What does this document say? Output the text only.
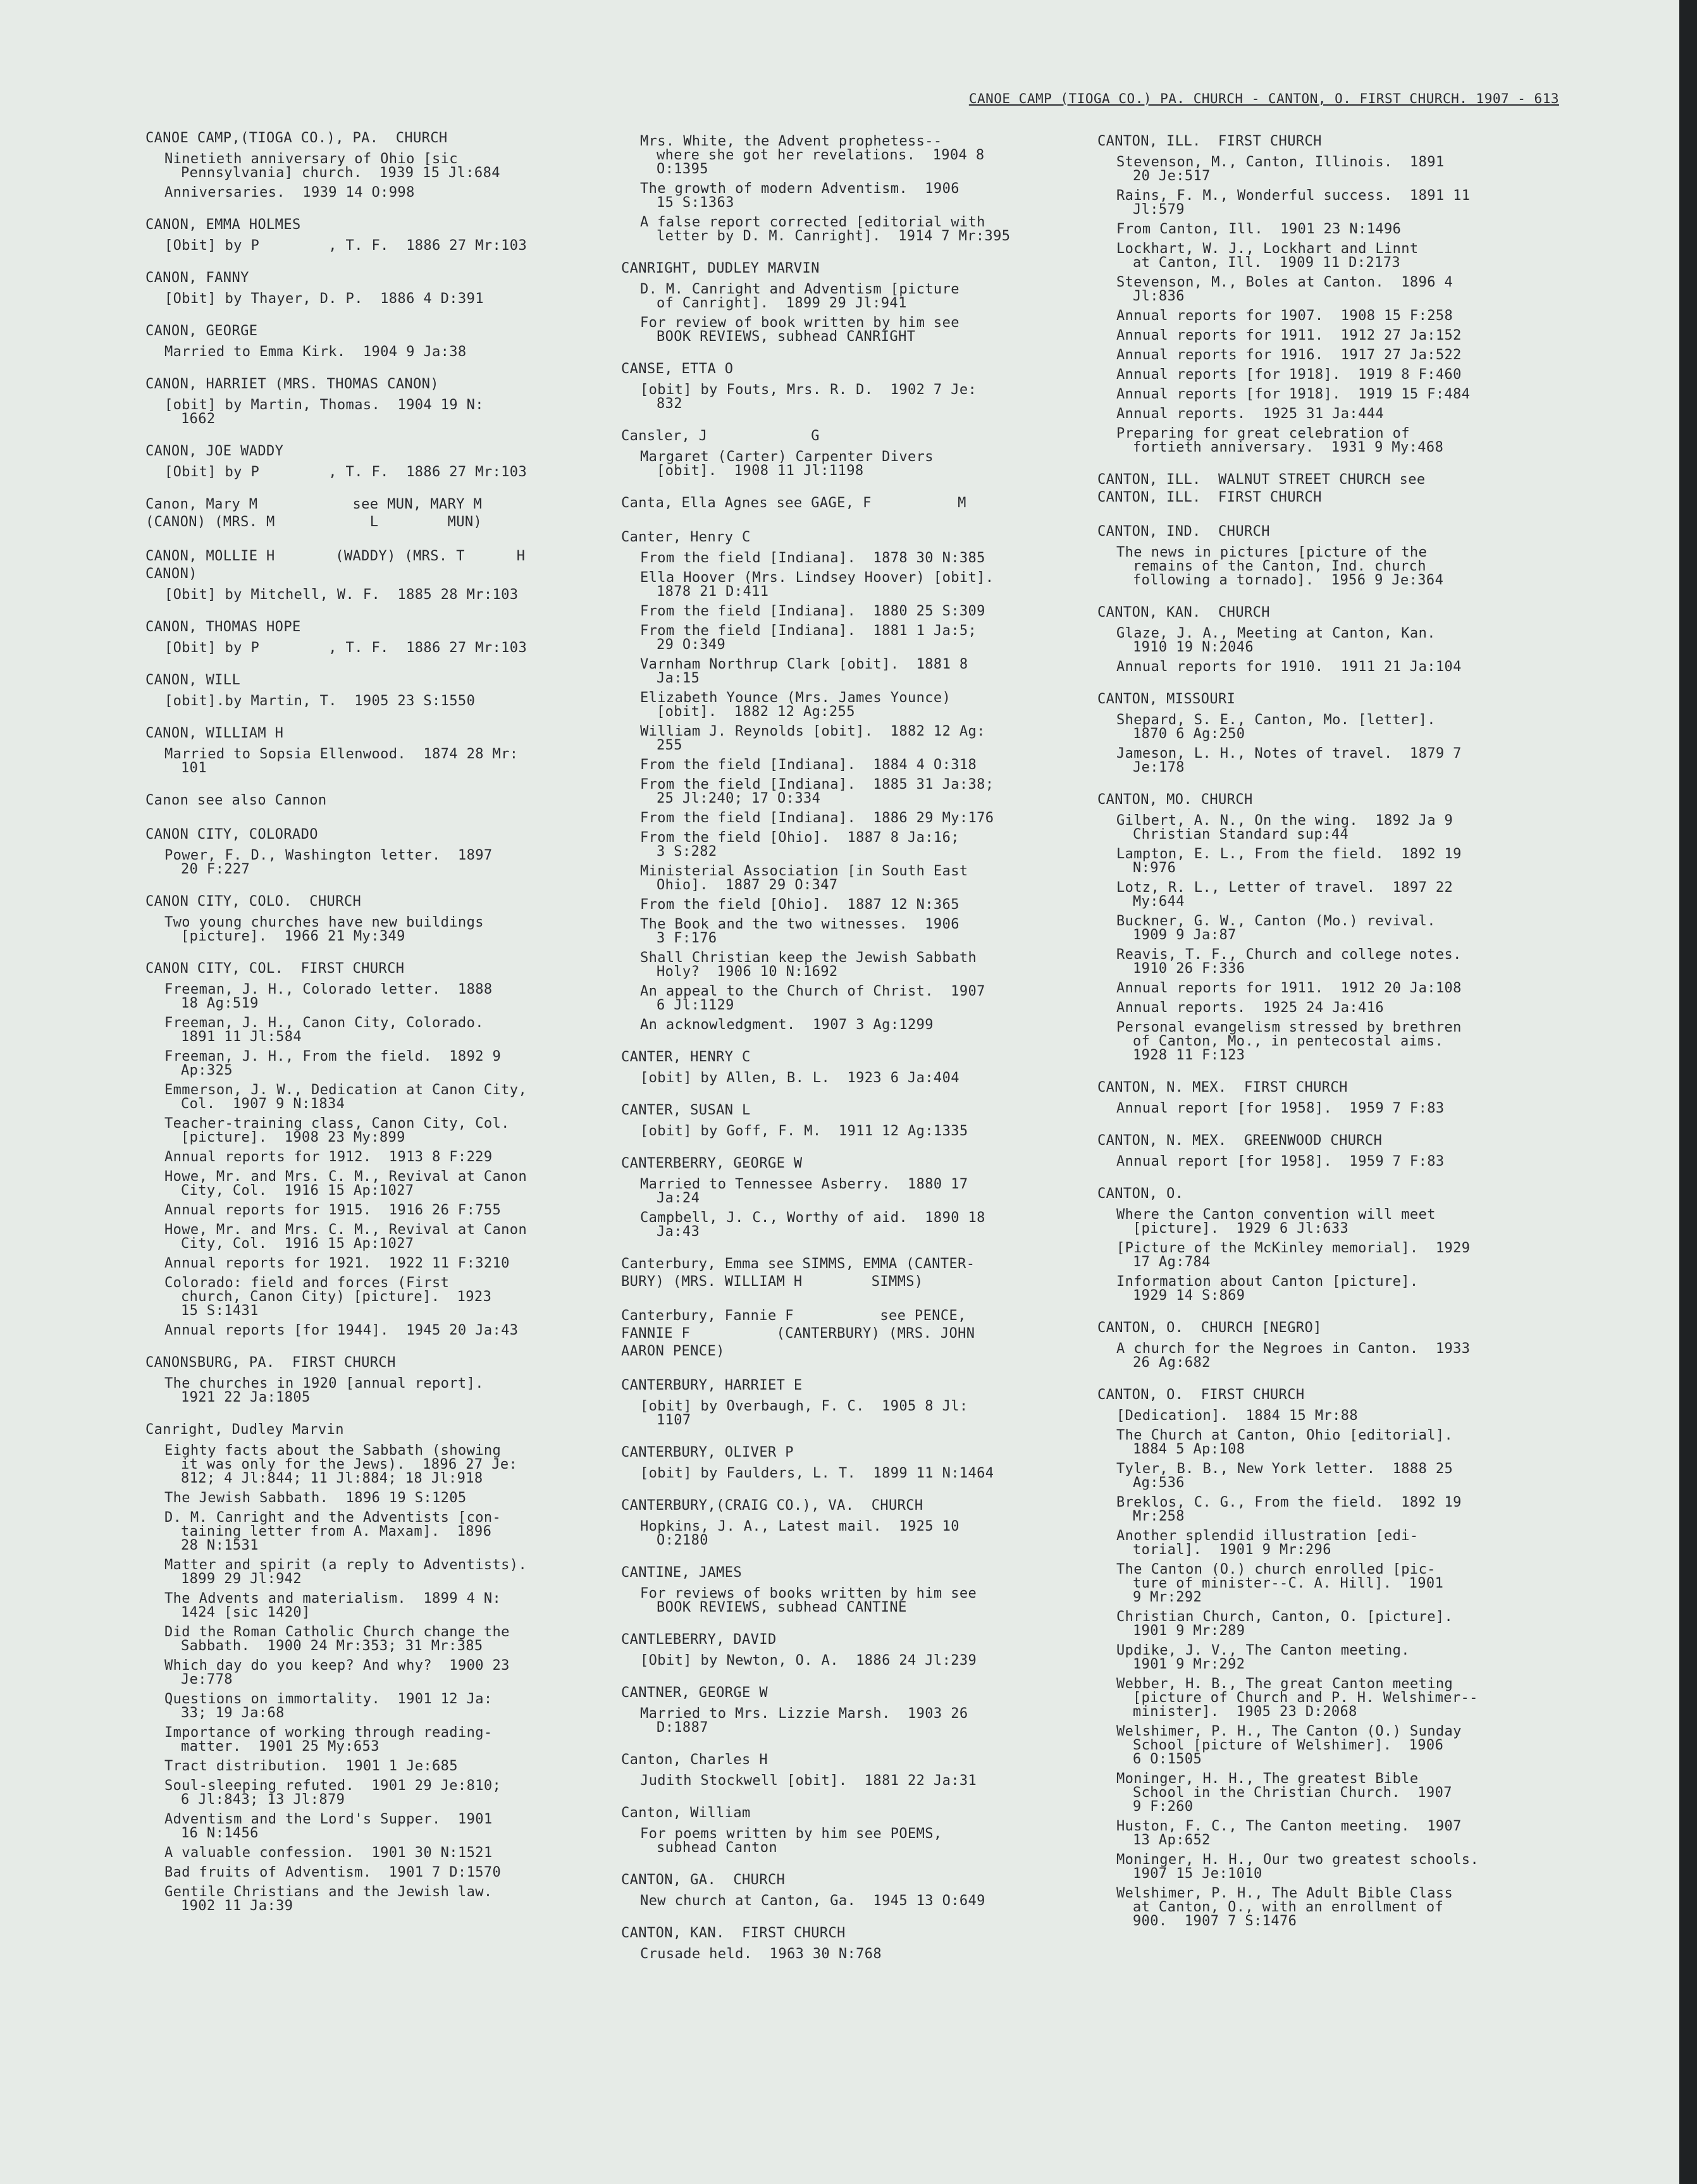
CANOE CAMP (TIOGA CO.) PA. CHURCH - CANTON, O. FIRST CHURCH. 1907 - 613
CANOE CAMP,(TIOGA CO.), PA.  CHURCH
Ninetieth anniversary of Ohio [sic
Pennsylvania] church.  1939 15 Jl:684
Anniversaries.  1939 14 O:998
CANON, EMMA HOLMES
[Obit] by P        , T. F.  1886 27 Mr:103
CANON, FANNY
[Obit] by Thayer, D. P.  1886 4 D:391
CANON, GEORGE
Married to Emma Kirk.  1904 9 Ja:38
CANON, HARRIET (MRS. THOMAS CANON)
[obit] by Martin, Thomas.  1904 19 N:
1662
CANON, JOE WADDY
[Obit] by P        , T. F.  1886 27 Mr:103
Canon, Mary M           see MUN, MARY M
(CANON) (MRS. M           L        MUN)
CANON, MOLLIE H       (WADDY) (MRS. T      H
CANON)
[Obit] by Mitchell, W. F.  1885 28 Mr:103
CANON, THOMAS HOPE
[Obit] by P        , T. F.  1886 27 Mr:103
CANON, WILL
[obit].by Martin, T.  1905 23 S:1550
CANON, WILLIAM H
Married to Sopsia Ellenwood.  1874 28 Mr:
101
Canon see also Cannon
CANON CITY, COLORADO
Power, F. D., Washington letter.  1897
20 F:227
CANON CITY, COLO.  CHURCH
Two young churches have new buildings
[picture].  1966 21 My:349
CANON CITY, COL.  FIRST CHURCH
Freeman, J. H., Colorado letter.  1888
18 Ag:519
Freeman, J. H., Canon City, Colorado.
1891 11 Jl:584
Freeman, J. H., From the field.  1892 9
Ap:325
Emmerson, J. W., Dedication at Canon City,
Col.  1907 9 N:1834
Teacher-training class, Canon City, Col.
[picture].  1908 23 My:899
Annual reports for 1912.  1913 8 F:229
Howe, Mr. and Mrs. C. M., Revival at Canon
City, Col.  1916 15 Ap:1027
Annual reports for 1915.  1916 26 F:755
Howe, Mr. and Mrs. C. M., Revival at Canon
City, Col.  1916 15 Ap:1027
Annual reports for 1921.  1922 11 F:3210
Colorado: field and forces (First
church, Canon City) [picture].  1923
15 S:1431
Annual reports [for 1944].  1945 20 Ja:43
CANONSBURG, PA.  FIRST CHURCH
The churches in 1920 [annual report].
1921 22 Ja:1805
Canright, Dudley Marvin
Eighty facts about the Sabbath (showing
it was only for the Jews).  1896 27 Je:
812; 4 Jl:844; 11 Jl:884; 18 Jl:918
The Jewish Sabbath.  1896 19 S:1205
D. M. Canright and the Adventists [con-
taining letter from A. Maxam].  1896
28 N:1531
Matter and spirit (a reply to Adventists).
1899 29 Jl:942
The Advents and materialism.  1899 4 N:
1424 [sic 1420]
Did the Roman Catholic Church change the
Sabbath.  1900 24 Mr:353; 31 Mr:385
Which day do you keep? And why?  1900 23
Je:778
Questions on immortality.  1901 12 Ja:
33; 19 Ja:68
Importance of working through reading-
matter.  1901 25 My:653
Tract distribution.  1901 1 Je:685
Soul-sleeping refuted.  1901 29 Je:810;
6 Jl:843; 13 Jl:879
Adventism and the Lord's Supper.  1901
16 N:1456
A valuable confession.  1901 30 N:1521
Bad fruits of Adventism.  1901 7 D:1570
Gentile Christians and the Jewish law.
1902 11 Ja:39
Mrs. White, the Advent prophetess--
where she got her revelations.  1904 8
O:1395
The growth of modern Adventism.  1906
15 S:1363
A false report corrected [editorial with
letter by D. M. Canright].  1914 7 Mr:395
CANRIGHT, DUDLEY MARVIN
D. M. Canright and Adventism [picture
of Canright].  1899 29 Jl:941
For review of book written by him see
BOOK REVIEWS, subhead CANRIGHT
CANSE, ETTA O
[obit] by Fouts, Mrs. R. D.  1902 7 Je:
832
Cansler, J            G
Margaret (Carter) Carpenter Divers
[obit].  1908 11 Jl:1198
Canta, Ella Agnes see GAGE, F          M
Canter, Henry C
From the field [Indiana].  1878 30 N:385
Ella Hoover (Mrs. Lindsey Hoover) [obit].
1878 21 D:411
From the field [Indiana].  1880 25 S:309
From the field [Indiana].  1881 1 Ja:5;
29 O:349
Varnham Northrup Clark [obit].  1881 8
Ja:15
Elizabeth Younce (Mrs. James Younce)
[obit].  1882 12 Ag:255
William J. Reynolds [obit].  1882 12 Ag:
255
From the field [Indiana].  1884 4 O:318
From the field [Indiana].  1885 31 Ja:38;
25 Jl:240; 17 O:334
From the field [Indiana].  1886 29 My:176
From the field [Ohio].  1887 8 Ja:16;
3 S:282
Ministerial Association [in South East
Ohio].  1887 29 O:347
From the field [Ohio].  1887 12 N:365
The Book and the two witnesses.  1906
3 F:176
Shall Christian keep the Jewish Sabbath
Holy?  1906 10 N:1692
An appeal to the Church of Christ.  1907
6 Jl:1129
An acknowledgment.  1907 3 Ag:1299
CANTER, HENRY C
[obit] by Allen, B. L.  1923 6 Ja:404
CANTER, SUSAN L
[obit] by Goff, F. M.  1911 12 Ag:1335
CANTERBERRY, GEORGE W
Married to Tennessee Asberry.  1880 17
Ja:24
Campbell, J. C., Worthy of aid.  1890 18
Ja:43
Canterbury, Emma see SIMMS, EMMA (CANTER-
BURY) (MRS. WILLIAM H        SIMMS)
Canterbury, Fannie F          see PENCE,
FANNIE F          (CANTERBURY) (MRS. JOHN
AARON PENCE)
CANTERBURY, HARRIET E
[obit] by Overbaugh, F. C.  1905 8 Jl:
1107
CANTERBURY, OLIVER P
[obit] by Faulders, L. T.  1899 11 N:1464
CANTERBURY,(CRAIG CO.), VA.  CHURCH
Hopkins, J. A., Latest mail.  1925 10
O:2180
CANTINE, JAMES
For reviews of books written by him see
BOOK REVIEWS, subhead CANTINE
CANTLEBERRY, DAVID
[Obit] by Newton, O. A.  1886 24 Jl:239
CANTNER, GEORGE W
Married to Mrs. Lizzie Marsh.  1903 26
D:1887
Canton, Charles H
Judith Stockwell [obit].  1881 22 Ja:31
Canton, William
For poems written by him see POEMS,
subhead Canton
CANTON, GA.  CHURCH
New church at Canton, Ga.  1945 13 O:649
CANTON, KAN.  FIRST CHURCH
Crusade held.  1963 30 N:768
CANTON, ILL.  FIRST CHURCH
Stevenson, M., Canton, Illinois.  1891
20 Je:517
Rains, F. M., Wonderful success.  1891 11
Jl:579
From Canton, Ill.  1901 23 N:1496
Lockhart, W. J., Lockhart and Linnt
at Canton, Ill.  1909 11 D:2173
Stevenson, M., Boles at Canton.  1896 4
Jl:836
Annual reports for 1907.  1908 15 F:258
Annual reports for 1911.  1912 27 Ja:152
Annual reports for 1916.  1917 27 Ja:522
Annual reports [for 1918].  1919 8 F:460
Annual reports [for 1918].  1919 15 F:484
Annual reports.  1925 31 Ja:444
Preparing for great celebration of
fortieth anniversary.  1931 9 My:468
CANTON, ILL.  WALNUT STREET CHURCH see
CANTON, ILL.  FIRST CHURCH
CANTON, IND.  CHURCH
The news in pictures [picture of the
remains of the Canton, Ind. church
following a tornado].  1956 9 Je:364
CANTON, KAN.  CHURCH
Glaze, J. A., Meeting at Canton, Kan.
1910 19 N:2046
Annual reports for 1910.  1911 21 Ja:104
CANTON, MISSOURI
Shepard, S. E., Canton, Mo. [letter].
1870 6 Ag:250
Jameson, L. H., Notes of travel.  1879 7
Je:178
CANTON, MO. CHURCH
Gilbert, A. N., On the wing.  1892 Ja 9
Christian Standard sup:44
Lampton, E. L., From the field.  1892 19
N:976
Lotz, R. L., Letter of travel.  1897 22
My:644
Buckner, G. W., Canton (Mo.) revival.
1909 9 Ja:87
Reavis, T. F., Church and college notes.
1910 26 F:336
Annual reports for 1911.  1912 20 Ja:108
Annual reports.  1925 24 Ja:416
Personal evangelism stressed by brethren
of Canton, Mo., in pentecostal aims.
1928 11 F:123
CANTON, N. MEX.  FIRST CHURCH
Annual report [for 1958].  1959 7 F:83
CANTON, N. MEX.  GREENWOOD CHURCH
Annual report [for 1958].  1959 7 F:83
CANTON, O.
Where the Canton convention will meet
[picture].  1929 6 Jl:633
[Picture of the McKinley memorial].  1929
17 Ag:784
Information about Canton [picture].
1929 14 S:869
CANTON, O.  CHURCH [NEGRO]
A church for the Negroes in Canton.  1933
26 Ag:682
CANTON, O.  FIRST CHURCH
[Dedication].  1884 15 Mr:88
The Church at Canton, Ohio [editorial].
1884 5 Ap:108
Tyler, B. B., New York letter.  1888 25
Ag:536
Breklos, C. G., From the field.  1892 19
Mr:258
Another splendid illustration [edi-
torial].  1901 9 Mr:296
The Canton (O.) church enrolled [pic-
ture of minister--C. A. Hill].  1901
9 Mr:292
Christian Church, Canton, O. [picture].
1901 9 Mr:289
Updike, J. V., The Canton meeting.
1901 9 Mr:292
Webber, H. B., The great Canton meeting
[picture of Church and P. H. Welshimer--
minister].  1905 23 D:2068
Welshimer, P. H., The Canton (O.) Sunday
School [picture of Welshimer].  1906
6 O:1505
Moninger, H. H., The greatest Bible
School in the Christian Church.  1907
9 F:260
Huston, F. C., The Canton meeting.  1907
13 Ap:652
Moninger, H. H., Our two greatest schools.
1907 15 Je:1010
Welshimer, P. H., The Adult Bible Class
at Canton, O., with an enrollment of
900.  1907 7 S:1476
